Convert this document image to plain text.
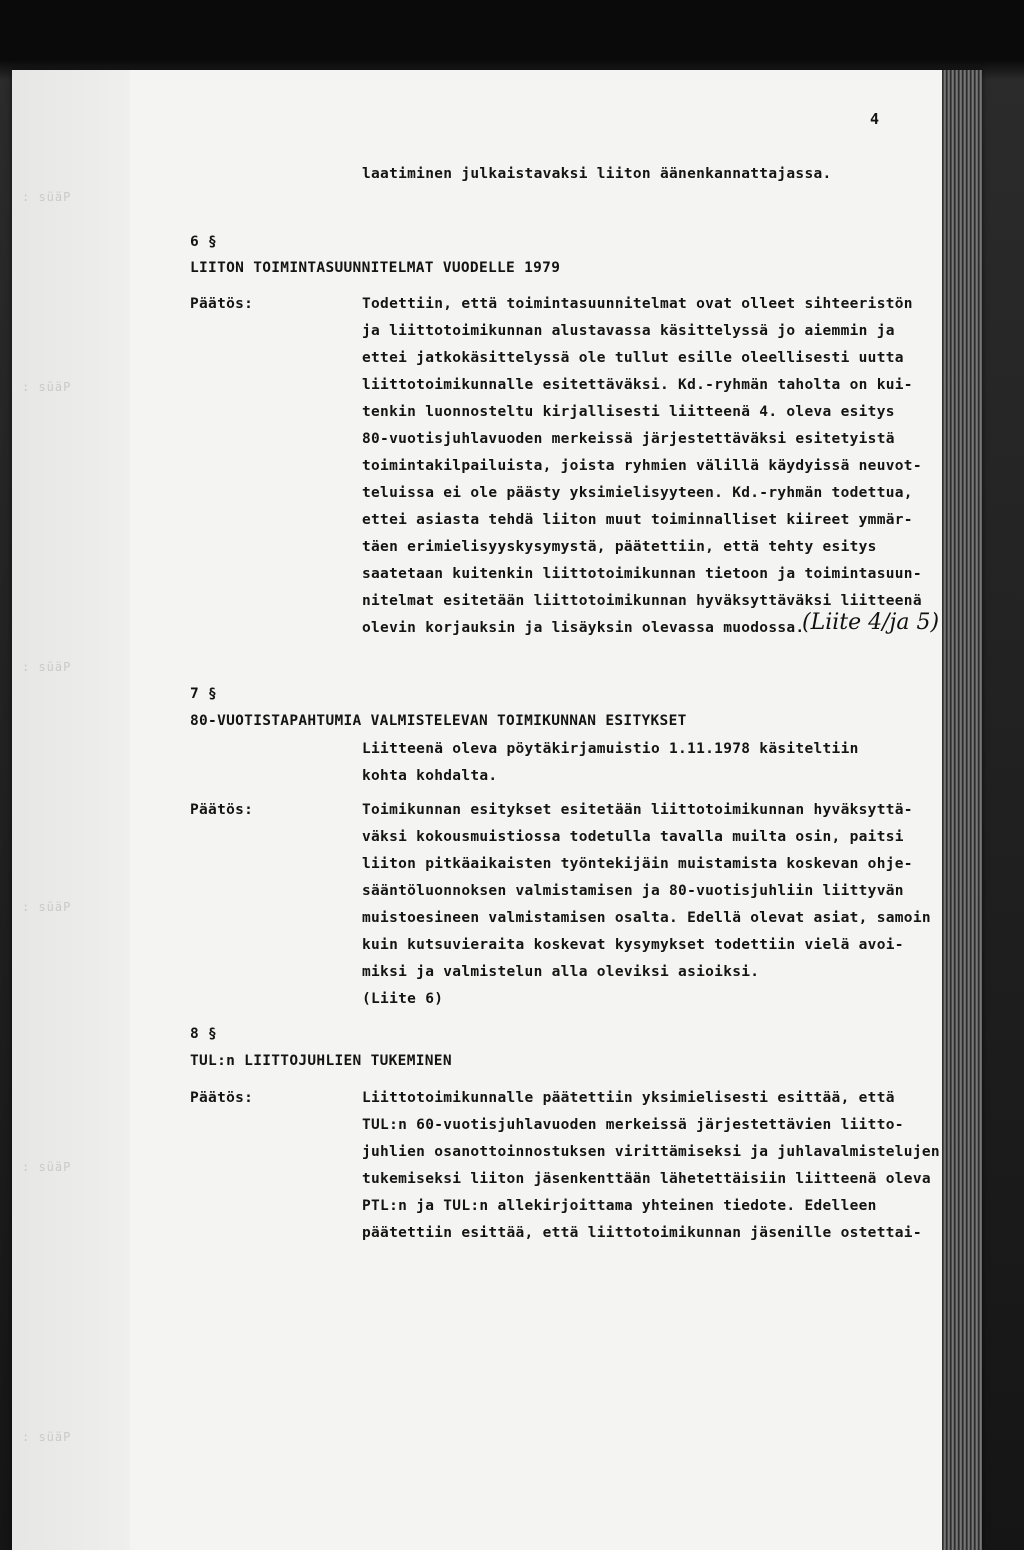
: süäP
: süäP
: süäP
: süäP
: süäP
: süäP
4
laatiminen julkaistavaksi liiton äänenkannattajassa.
6 §
LIITON TOIMINTASUUNNITELMAT VUODELLE 1979
Päätös:	Todettiin, että toimintasuunnitelmat ovat olleet sihteeristön
ja liittotoimikunnan alustavassa käsittelyssä jo aiemmin ja
ettei jatkokäsittelyssä ole tullut esille oleellisesti uutta
liittotoimikunnalle esitettäväksi. Kd.-ryhmän taholta on kui-
tenkin luonnosteltu kirjallisesti liitteenä 4. oleva esitys
80-vuotisjuhlavuoden merkeissä järjestettäväksi esitetyistä
toimintakilpailuista, joista ryhmien välillä käydyissä neuvot-
teluissa ei ole päästy yksimielisyyteen. Kd.-ryhmän todettua,
ettei asiasta tehdä liiton muut toiminnalliset kiireet ymmär-
täen erimielisyyskysymystä, päätettiin, että tehty esitys
saatetaan kuitenkin liittotoimikunnan tietoon ja toimintasuun-
nitelmat esitetään liittotoimikunnan hyväksyttäväksi liitteenä
olevin korjauksin ja lisäyksin olevassa muodossa.
(Liite 4/ja 5)
7 §
80-VUOTISTAPAHTUMIA VALMISTELEVAN TOIMIKUNNAN ESITYKSET
Liitteenä oleva pöytäkirjamuistio 1.11.1978 käsiteltiin
kohta kohdalta.
Päätös:	Toimikunnan esitykset esitetään liittotoimikunnan hyväksyttä-
väksi kokousmuistiossa todetulla tavalla muilta osin, paitsi
liiton pitkäaikaisten työntekijäin muistamista koskevan ohje-
sääntöluonnoksen valmistamisen ja 80-vuotisjuhliin liittyvän
muistoesineen valmistamisen osalta. Edellä olevat asiat, samoin
kuin kutsuvieraita koskevat kysymykset todettiin vielä avoi-
miksi ja valmistelun alla oleviksi asioiksi.
(Liite 6)
8 §
TUL:n LIITTOJUHLIEN TUKEMINEN
Päätös:	Liittotoimikunnalle päätettiin yksimielisesti esittää, että
TUL:n 60-vuotisjuhlavuoden merkeissä järjestettävien liitto-
juhlien osanottoinnostuksen virittämiseksi ja juhlavalmistelujen
tukemiseksi liiton jäsenkenttään lähetettäisiin liitteenä oleva
PTL:n ja TUL:n allekirjoittama yhteinen tiedote. Edelleen
päätettiin esittää, että liittotoimikunnan jäsenille ostettai-
